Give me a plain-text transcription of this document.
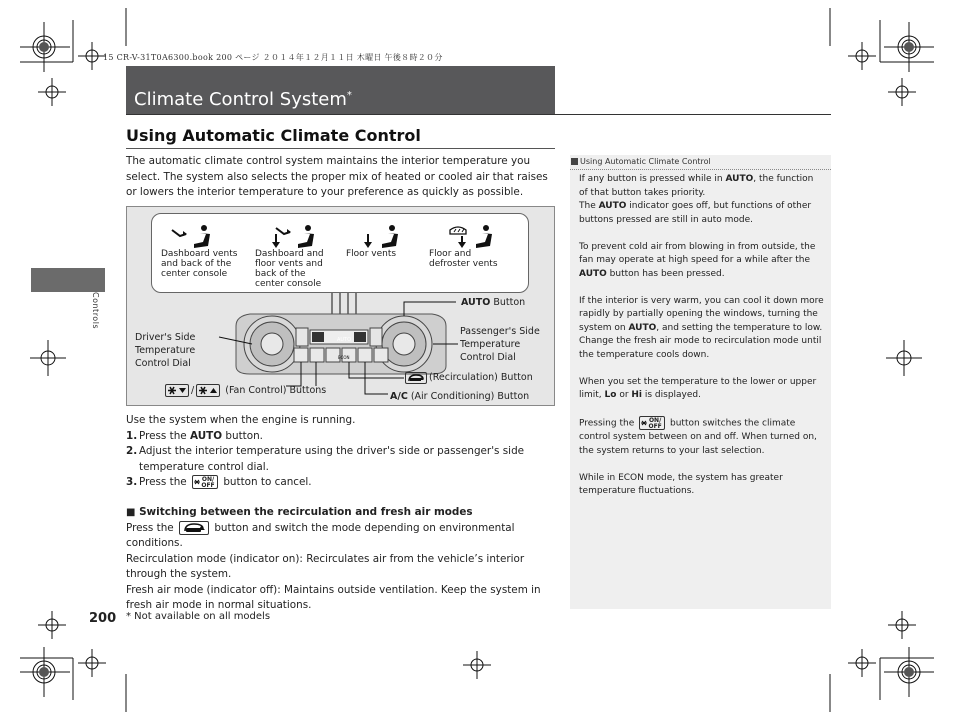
15 CR-V-31T0A6300.book 200 ページ ２０１４年１２月１１日 木曜日 午後８時２０分
Climate Control System*
Controls
Using Automatic Climate Control
The automatic climate control system maintains the interior temperature you select. The system also selects the proper mix of heated or cooled air that raises or lowers the interior temperature to your preference as quickly as possible.
Dashboard vents
and back of the
center console
Dashboard and
floor vents and
back of the
center console
Floor vents	Floor and
defroster vents
AUTO
ECON
AUTO Button
Driver's Side
Temperature
Control Dial
Passenger's Side
Temperature
Control Dial
(Recirculation) Button
A/C (Air Conditioning) Button
/	(Fan Control) Buttons
Use the system when the engine is running.
1. Press the AUTO button.
2. Adjust the interior temperature using the driver's side or passenger's side temperature control dial.
3. Press the	ON/
OFF button to cancel.
■ Switching between the recirculation and fresh air modes
Press the	button and switch the mode depending on environmental conditions.
Recirculation mode (indicator on): Recirculates air from the vehicle’s interior through the system.
Fresh air mode (indicator off): Maintains outside ventilation. Keep the system in fresh air mode in normal situations.
200 * Not available on all models
Using Automatic Climate Control

If any button is pressed while in AUTO, the function of that button takes priority.
The AUTO indicator goes off, but functions of other buttons pressed are still in auto mode.

To prevent cold air from blowing in from outside, the fan may operate at high speed for a while after the AUTO button has been pressed.

If the interior is very warm, you can cool it down more rapidly by partially opening the windows, turning the system on AUTO, and setting the temperature to low. Change the fresh air mode to recirculation mode until the temperature cools down.

When you set the temperature to the lower or upper limit, Lo or Hi is displayed.

Pressing the	ON/
OFF button switches the climate control system between on and off. When turned on, the system returns to your last selection.

While in ECON mode, the system has greater temperature fluctuations.
